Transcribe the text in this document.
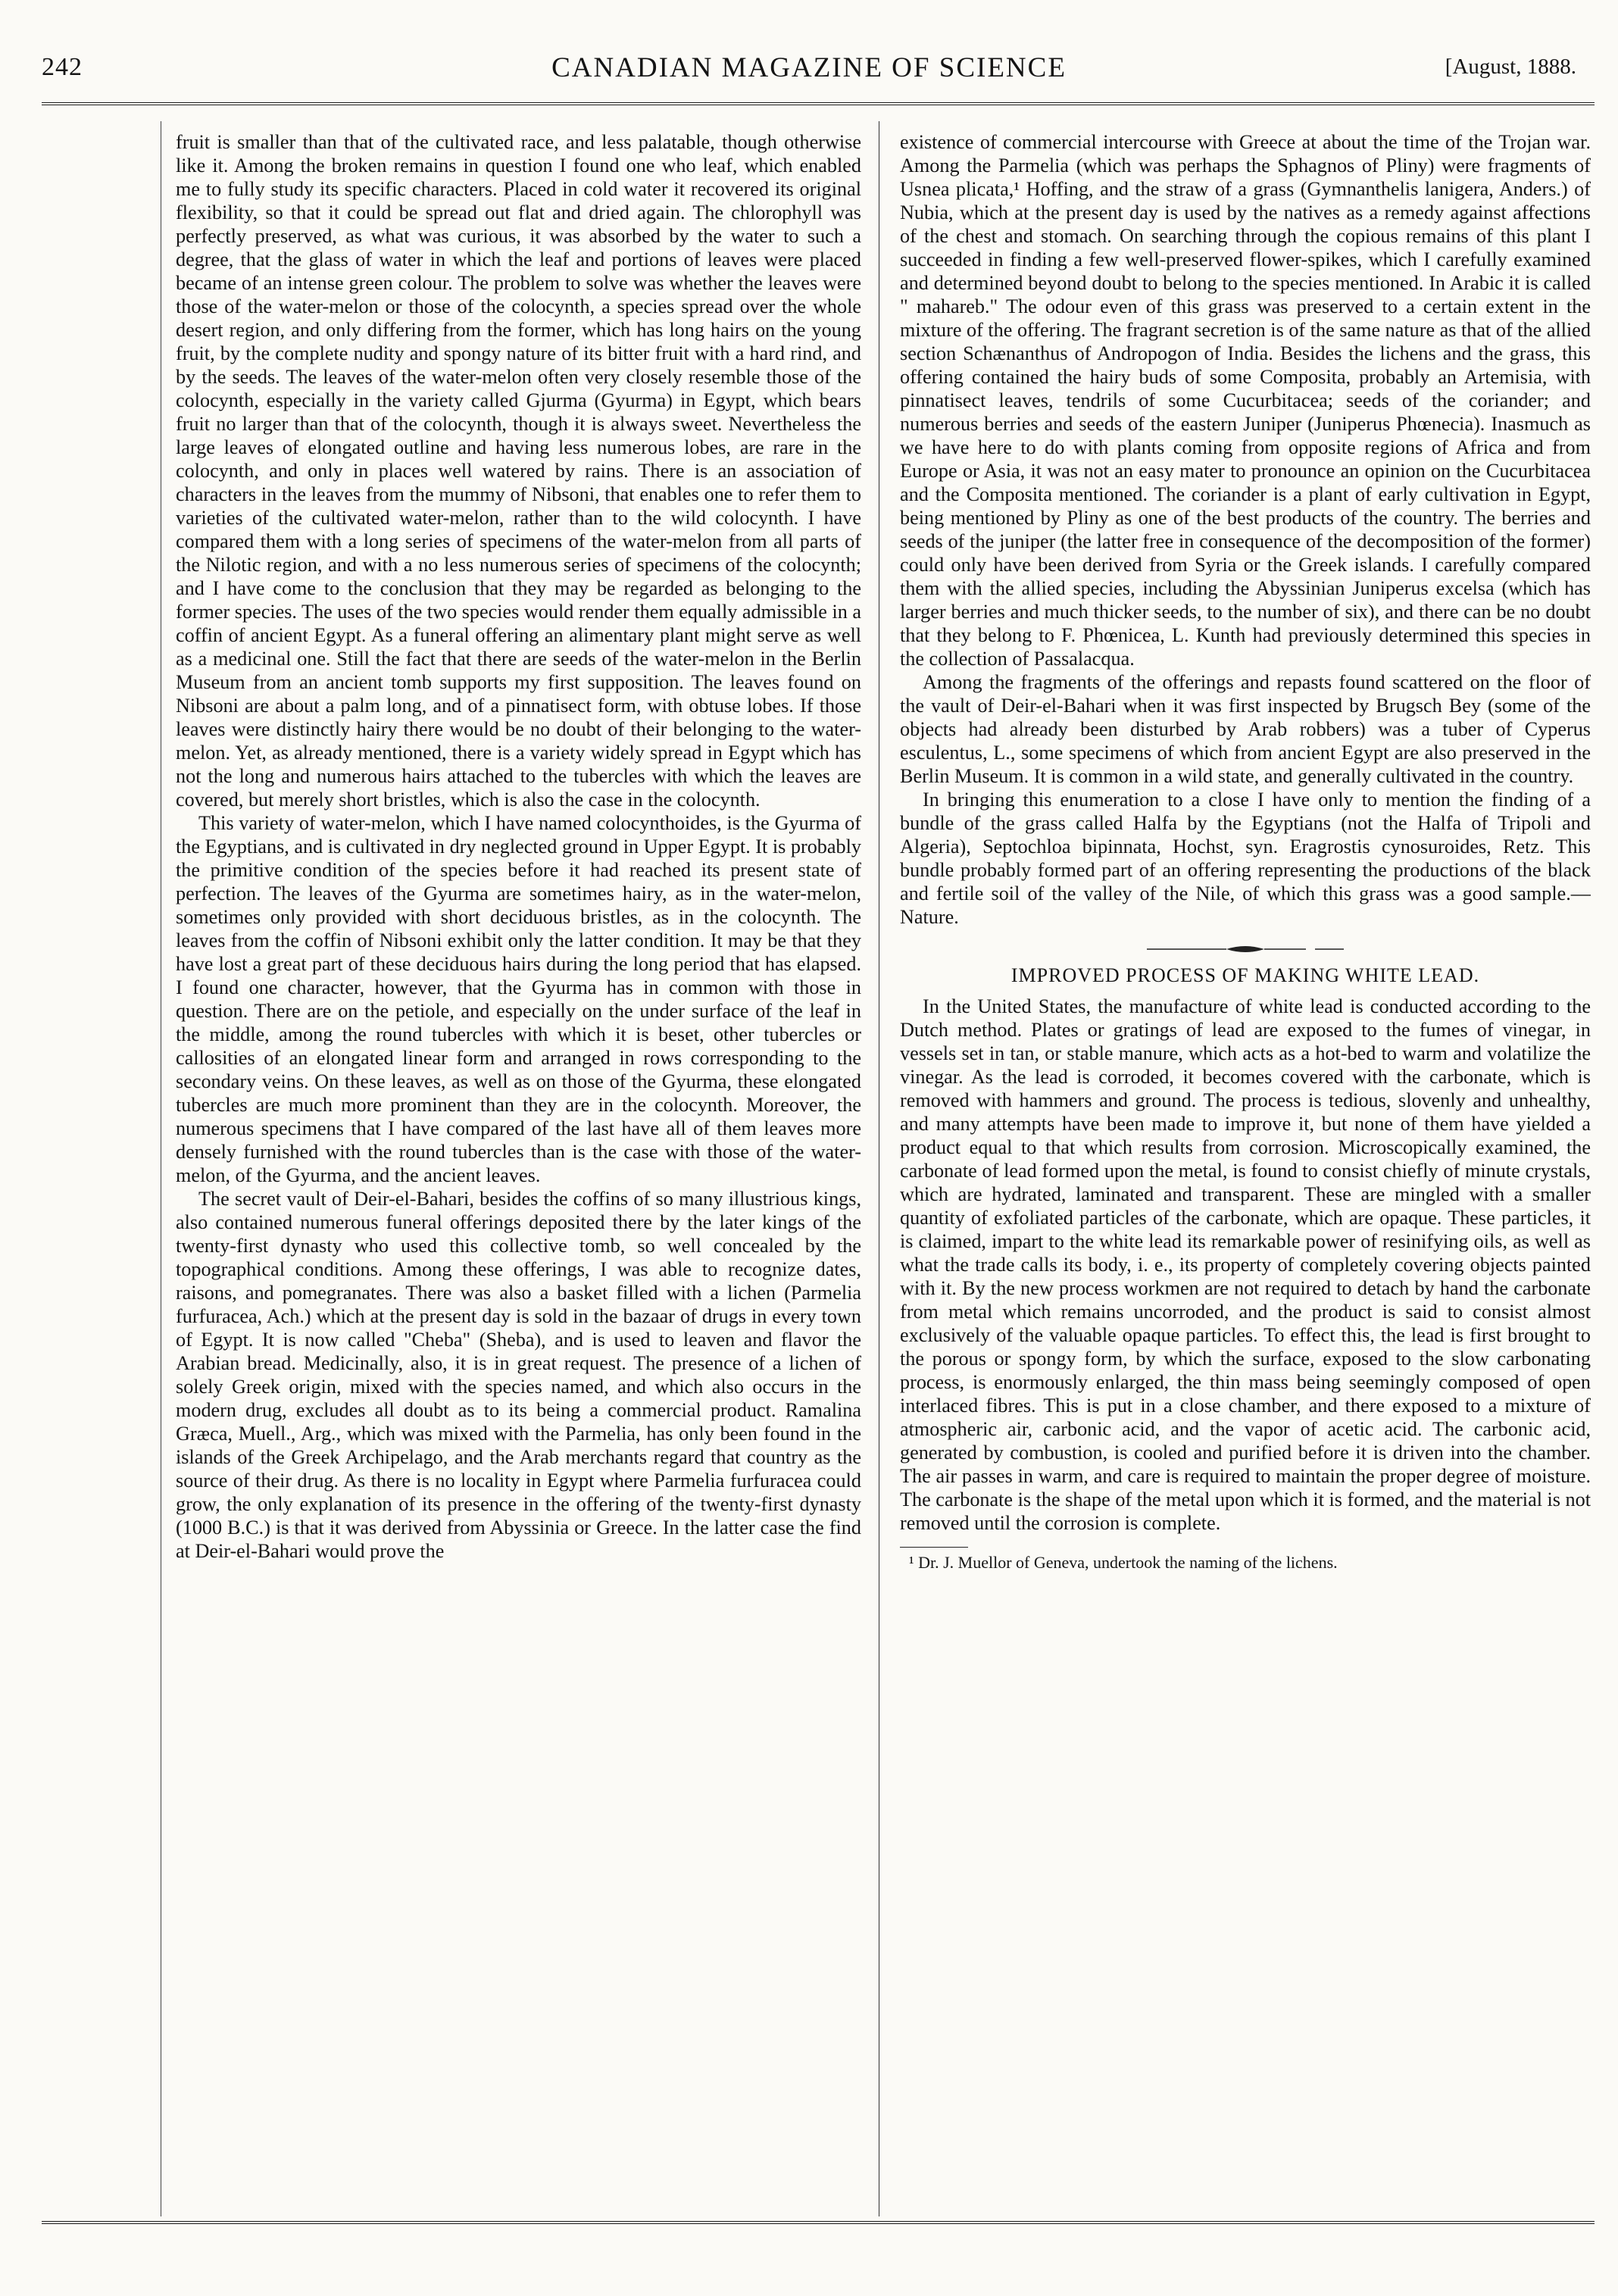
242	CANADIAN MAGAZINE OF SCIENCE	[August, 1888.

fruit is smaller than that of the cultivated race, and less palatable, though otherwise like it. Among the broken remains in question I found one who leaf, which enabled me to fully study its specific characters. Placed in cold water it recovered its original flexibility, so that it could be spread out flat and dried again. The chlorophyll was perfectly preserved, as what was curious, it was absorbed by the water to such a degree, that the glass of water in which the leaf and portions of leaves were placed became of an intense green colour. The problem to solve was whether the leaves were those of the water-melon or those of the colocynth, a species spread over the whole desert region, and only differing from the former, which has long hairs on the young fruit, by the complete nudity and spongy nature of its bitter fruit with a hard rind, and by the seeds. The leaves of the water-melon often very closely resemble those of the colocynth, especially in the variety called Gjurma (Gyurma) in Egypt, which bears fruit no larger than that of the colocynth, though it is always sweet. Nevertheless the large leaves of elongated outline and having less numerous lobes, are rare in the colocynth, and only in places well watered by rains. There is an association of characters in the leaves from the mummy of Nibsoni, that enables one to refer them to varieties of the cultivated water-melon, rather than to the wild colocynth. I have compared them with a long series of specimens of the water-melon from all parts of the Nilotic region, and with a no less numerous series of specimens of the colocynth; and I have come to the conclusion that they may be regarded as belonging to the former species. The uses of the two species would render them equally admissible in a coffin of ancient Egypt. As a funeral offering an alimentary plant might serve as well as a medicinal one. Still the fact that there are seeds of the water-melon in the Berlin Museum from an ancient tomb supports my first supposition. The leaves found on Nibsoni are about a palm long, and of a pinnatisect form, with obtuse lobes. If those leaves were distinctly hairy there would be no doubt of their belonging to the water-melon. Yet, as already mentioned, there is a variety widely spread in Egypt which has not the long and numerous hairs attached to the tubercles with which the leaves are covered, but merely short bristles, which is also the case in the colocynth.

This variety of water-melon, which I have named colocynthoides, is the Gyurma of the Egyptians, and is cultivated in dry neglected ground in Upper Egypt. It is probably the primitive condition of the species before it had reached its present state of perfection. The leaves of the Gyurma are sometimes hairy, as in the water-melon, sometimes only provided with short deciduous bristles, as in the colocynth. The leaves from the coffin of Nibsoni exhibit only the latter condition. It may be that they have lost a great part of these deciduous hairs during the long period that has elapsed. I found one character, however, that the Gyurma has in common with those in question. There are on the petiole, and especially on the under surface of the leaf in the middle, among the round tubercles with which it is beset, other tubercles or callosities of an elongated linear form and arranged in rows corresponding to the secondary veins. On these leaves, as well as on those of the Gyurma, these elongated tubercles are much more prominent than they are in the colocynth. Moreover, the numerous specimens that I have compared of the last have all of them leaves more densely furnished with the round tubercles than is the case with those of the water-melon, of the Gyurma, and the ancient leaves.

The secret vault of Deir-el-Bahari, besides the coffins of so many illustrious kings, also contained numerous funeral offerings deposited there by the later kings of the twenty-first dynasty who used this collective tomb, so well concealed by the topographical conditions. Among these offerings, I was able to recognize dates, raisons, and pomegranates. There was also a basket filled with a lichen (Parmelia furfuracea, Ach.) which at the present day is sold in the bazaar of drugs in every town of Egypt. It is now called "Cheba" (Sheba), and is used to leaven and flavor the Arabian bread. Medicinally, also, it is in great request. The presence of a lichen of solely Greek origin, mixed with the species named, and which also occurs in the modern drug, excludes all doubt as to its being a commercial product. Ramalina Græca, Muell., Arg., which was mixed with the Parmelia, has only been found in the islands of the Greek Archipelago, and the Arab merchants regard that country as the source of their drug. As there is no locality in Egypt where Parmelia furfuracea could grow, the only explanation of its presence in the offering of the twenty-first dynasty (1000 B.C.) is that it was derived from Abyssinia or Greece. In the latter case the find at Deir-el-Bahari would prove the

existence of commercial intercourse with Greece at about the time of the Trojan war. Among the Parmelia (which was perhaps the Sphagnos of Pliny) were fragments of Usnea plicata,¹ Hoffing, and the straw of a grass (Gymnanthelis lanigera, Anders.) of Nubia, which at the present day is used by the natives as a remedy against affections of the chest and stomach. On searching through the copious remains of this plant I succeeded in finding a few well-preserved flower-spikes, which I carefully examined and determined beyond doubt to belong to the species mentioned. In Arabic it is called " mahareb." The odour even of this grass was preserved to a certain extent in the mixture of the offering. The fragrant secretion is of the same nature as that of the allied section Schænanthus of Andropogon of India. Besides the lichens and the grass, this offering contained the hairy buds of some Composita, probably an Artemisia, with pinnatisect leaves, tendrils of some Cucurbitacea; seeds of the coriander; and numerous berries and seeds of the eastern Juniper (Juniperus Phœnecia). Inasmuch as we have here to do with plants coming from opposite regions of Africa and from Europe or Asia, it was not an easy mater to pronounce an opinion on the Cucurbitacea and the Composita mentioned. The coriander is a plant of early cultivation in Egypt, being mentioned by Pliny as one of the best products of the country. The berries and seeds of the juniper (the latter free in consequence of the decomposition of the former) could only have been derived from Syria or the Greek islands. I carefully compared them with the allied species, including the Abyssinian Juniperus excelsa (which has larger berries and much thicker seeds, to the number of six), and there can be no doubt that they belong to F. Phœnicea, L. Kunth had previously determined this species in the collection of Passalacqua.

Among the fragments of the offerings and repasts found scattered on the floor of the vault of Deir-el-Bahari when it was first inspected by Brugsch Bey (some of the objects had already been disturbed by Arab robbers) was a tuber of Cyperus esculentus, L., some specimens of which from ancient Egypt are also preserved in the Berlin Museum. It is common in a wild state, and generally cultivated in the country.

In bringing this enumeration to a close I have only to mention the finding of a bundle of the grass called Halfa by the Egyptians (not the Halfa of Tripoli and Algeria), Septochloa bipinnata, Hochst, syn. Eragrostis cynosuroides, Retz. This bundle probably formed part of an offering representing the productions of the black and fertile soil of the valley of the Nile, of which this grass was a good sample.—Nature.

IMPROVED PROCESS OF MAKING WHITE LEAD.

In the United States, the manufacture of white lead is conducted according to the Dutch method. Plates or gratings of lead are exposed to the fumes of vinegar, in vessels set in tan, or stable manure, which acts as a hot-bed to warm and volatilize the vinegar. As the lead is corroded, it becomes covered with the carbonate, which is removed with hammers and ground. The process is tedious, slovenly and unhealthy, and many attempts have been made to improve it, but none of them have yielded a product equal to that which results from corrosion. Microscopically examined, the carbonate of lead formed upon the metal, is found to consist chiefly of minute crystals, which are hydrated, laminated and transparent. These are mingled with a smaller quantity of exfoliated particles of the carbonate, which are opaque. These particles, it is claimed, impart to the white lead its remarkable power of resinifying oils, as well as what the trade calls its body, i. e., its property of completely covering objects painted with it. By the new process workmen are not required to detach by hand the carbonate from metal which remains uncorroded, and the product is said to consist almost exclusively of the valuable opaque particles. To effect this, the lead is first brought to the porous or spongy form, by which the surface, exposed to the slow carbonating process, is enormously enlarged, the thin mass being seemingly composed of open interlaced fibres. This is put in a close chamber, and there exposed to a mixture of atmospheric air, carbonic acid, and the vapor of acetic acid. The carbonic acid, generated by combustion, is cooled and purified before it is driven into the chamber. The air passes in warm, and care is required to maintain the proper degree of moisture. The carbonate is the shape of the metal upon which it is formed, and the material is not removed until the corrosion is complete.

¹ Dr. J. Muellor of Geneva, undertook the naming of the lichens.
